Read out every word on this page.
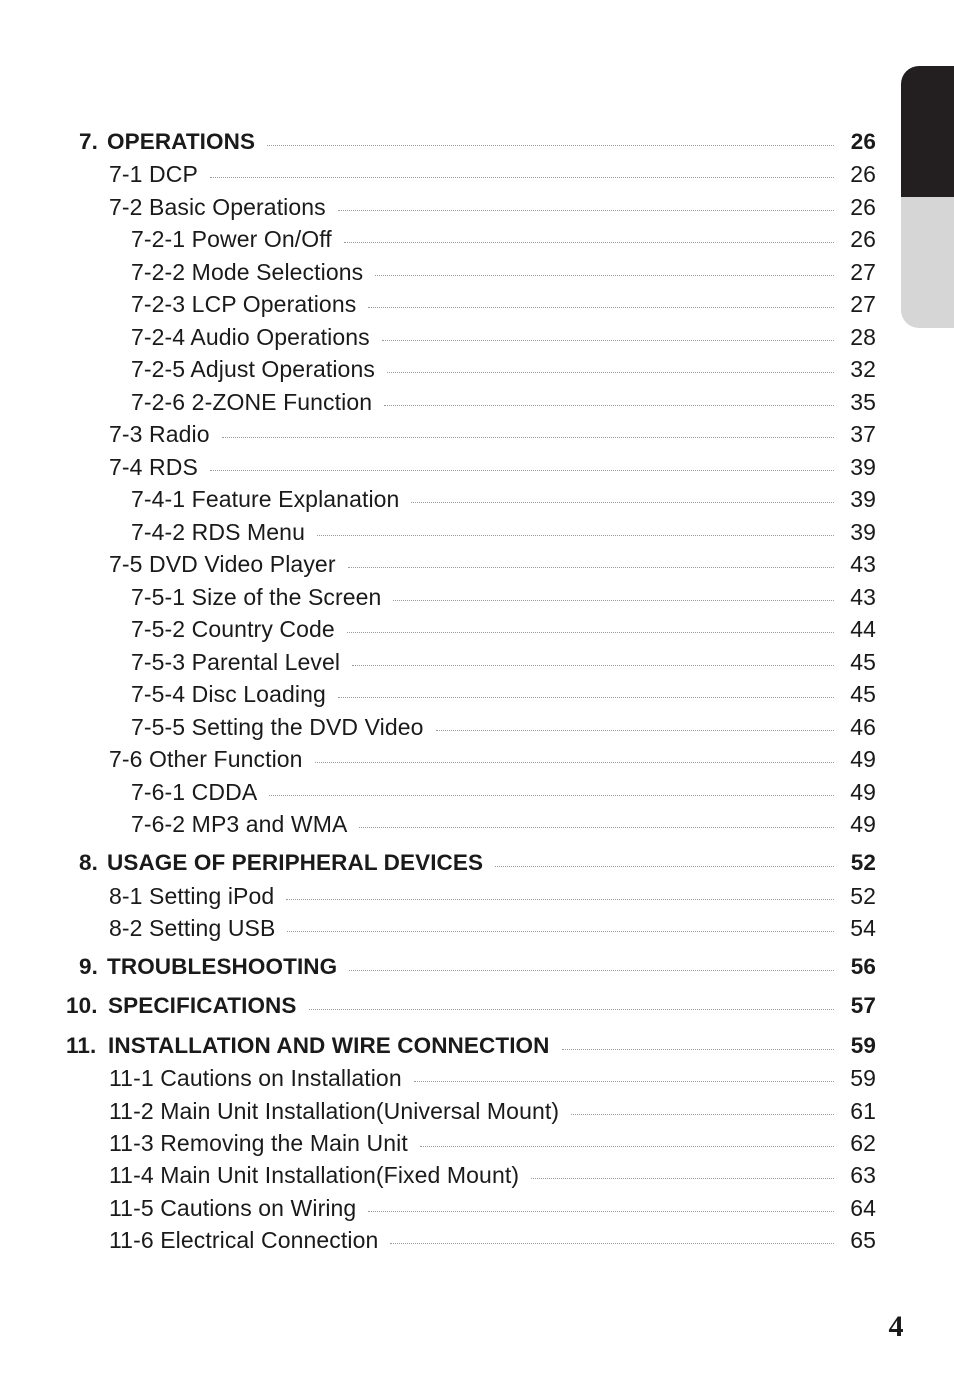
7. OPERATIONS	26
7-1 DCP	26
7-2 Basic Operations	26
7-2-1 Power On/Off	26
7-2-2 Mode Selections	27
7-2-3 LCP Operations	27
7-2-4 Audio Operations	28
7-2-5 Adjust Operations	32
7-2-6 2-ZONE Function	35
7-3 Radio	37
7-4 RDS	39
7-4-1 Feature Explanation	39
7-4-2 RDS Menu	39
7-5 DVD Video Player	43
7-5-1 Size of the Screen	43
7-5-2 Country Code	44
7-5-3 Parental Level	45
7-5-4 Disc Loading	45
7-5-5 Setting the DVD Video	46
7-6 Other Function	49
7-6-1 CDDA	49
7-6-2 MP3 and WMA	49
8. USAGE OF PERIPHERAL DEVICES	52
8-1 Setting iPod	52
8-2 Setting USB	54
9. TROUBLESHOOTING	56
10. SPECIFICATIONS	57
11. INSTALLATION AND WIRE CONNECTION	59
11-1 Cautions on Installation	59
11-2 Main Unit Installation(Universal Mount)	61
11-3 Removing the Main Unit	62
11-4 Main Unit Installation(Fixed Mount)	63
11-5 Cautions on Wiring	64
11-6 Electrical Connection	65
4
